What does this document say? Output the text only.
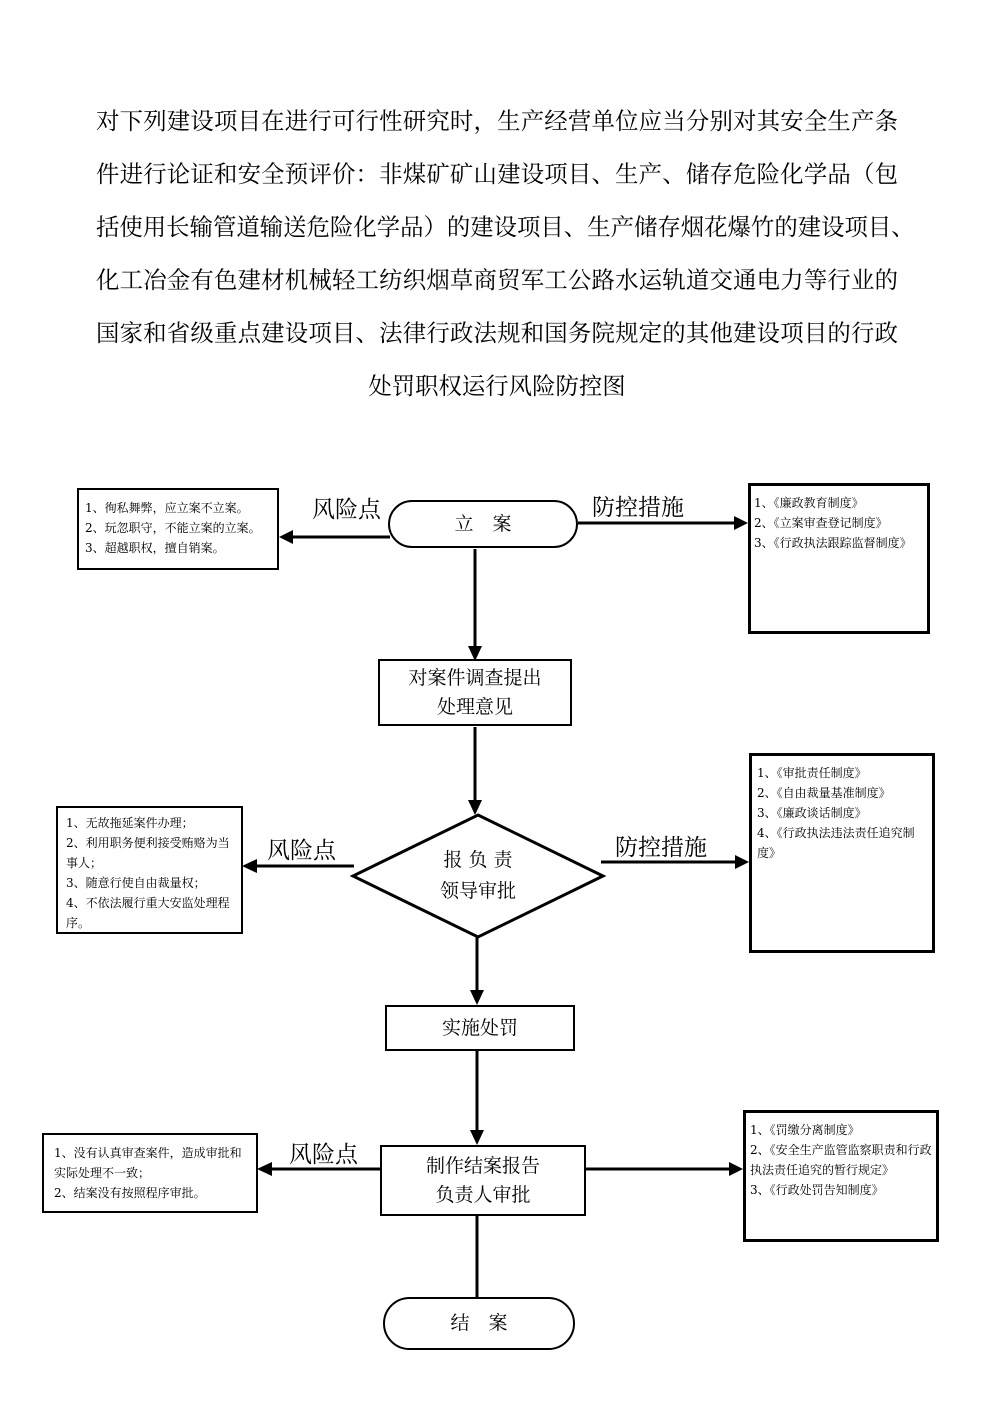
对下列建设项目在进行可行性研究时，生产经营单位应当分别对其安全生产条
件进行论证和安全预评价：非煤矿矿山建设项目、生产、储存危险化学品（包
括使用长输管道输送危险化学品）的建设项目、生产储存烟花爆竹的建设项目、
化工冶金有色建材机械轻工纺织烟草商贸军工公路水运轨道交通电力等行业的
国家和省级重点建设项目、法律行政法规和国务院规定的其他建设项目的行政
处罚职权运行风险防控图
立　案
1、徇私舞弊，应立案不立案。
2、玩忽职守，不能立案的立案。
3、超越职权，擅自销案。
1、《廉政教育制度》
2、《立案审查登记制度》
3、《行政执法跟踪监督制度》
风险点	防控措施
对案件调查提出
处理意见
报 负 责
领导审批
1、无故拖延案件办理；
2、利用职务便利接受贿赂为当事人；
3、随意行使自由裁量权；
4、不依法履行重大安监处理程序。
1、《审批责任制度》
2、《自由裁量基准制度》
3、《廉政谈话制度》
4、《行政执法违法责任追究制度》
风险点	防控措施
实施处罚
制作结案报告
负责人审批
1、没有认真审查案件，造成审批和实际处理不一致；
2、结案没有按照程序审批。
1、《罚缴分离制度》
2、《安全生产监管监察职责和行政执法责任追究的暂行规定》
3、《行政处罚告知制度》
风险点
结　案
